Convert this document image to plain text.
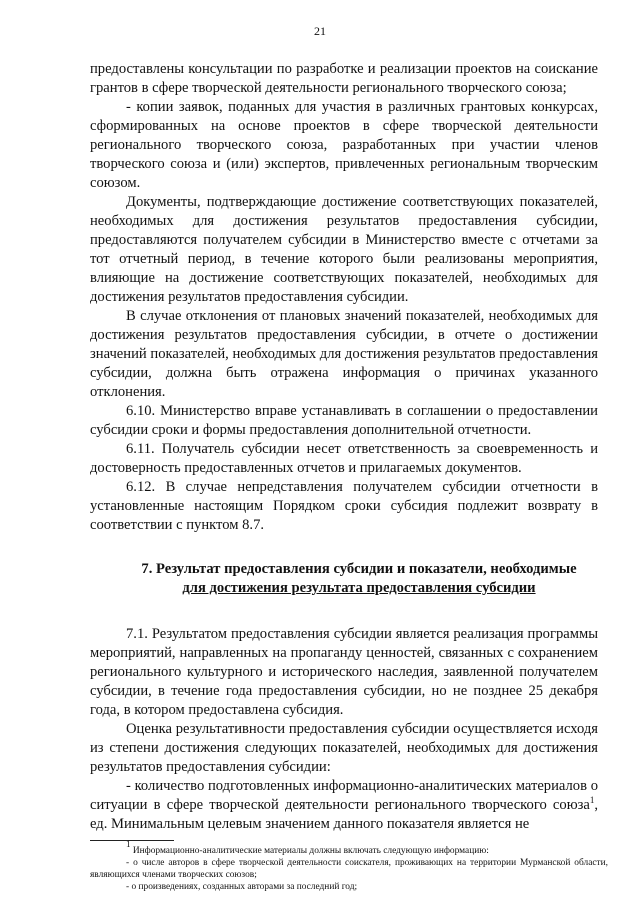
21

предоставлены консультации по разработке и реализации проектов на соискание грантов в сфере творческой деятельности регионального творческого союза;

- копии заявок, поданных для участия в различных грантовых конкурсах, сформированных на основе проектов в сфере творческой деятельности регионального творческого союза, разработанных при участии членов творческого союза и (или) экспертов, привлеченных региональным творческим союзом.

Документы, подтверждающие достижение соответствующих показателей, необходимых для достижения результатов предоставления субсидии, предоставляются получателем субсидии в Министерство вместе с отчетами за тот отчетный период, в течение которого были реализованы мероприятия, влияющие на достижение соответствующих показателей, необходимых для достижения результатов предоставления субсидии.

В случае отклонения от плановых значений показателей, необходимых для достижения результатов предоставления субсидии, в отчете о достижении значений показателей, необходимых для достижения результатов предоставления субсидии, должна быть отражена информация о причинах указанного отклонения.

6.10. Министерство вправе устанавливать в соглашении о предоставлении субсидии сроки и формы предоставления дополнительной отчетности.

6.11. Получатель субсидии несет ответственность за своевременность и достоверность предоставленных отчетов и прилагаемых документов.

6.12. В случае непредставления получателем субсидии отчетности в установленные настоящим Порядком сроки субсидия подлежит возврату в соответствии с пунктом 8.7.

7. Результат предоставления субсидии и показатели, необходимые
для достижения результата предоставления субсидии

7.1. Результатом предоставления субсидии является реализация программы мероприятий, направленных на пропаганду ценностей, связанных с сохранением регионального культурного и исторического наследия, заявленной получателем субсидии, в течение года предоставления субсидии, но не позднее 25 декабря года, в котором предоставлена субсидия.

Оценка результативности предоставления субсидии осуществляется исходя из степени достижения следующих показателей, необходимых для достижения результатов предоставления субсидии:

- количество подготовленных информационно-аналитических материалов о ситуации в сфере творческой деятельности регионального творческого союза$^1$, ед. Минимальным целевым значением данного показателя является не

$^1$ Информационно-аналитические материалы должны включать следующую информацию:

- о числе авторов в сфере творческой деятельности соискателя, проживающих на территории Мурманской области, являющихся членами творческих союзов;

- о произведениях, созданных авторами за последний год;
